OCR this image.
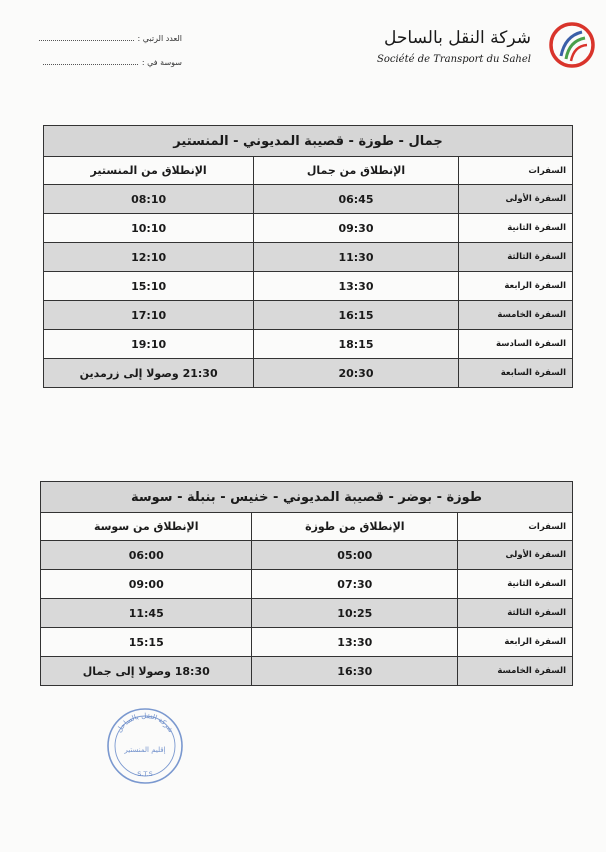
شركة النقل بالساحل
Société de Transport du Sahel
العدد الرتبي :
سوسة في :
جمال - طوزة - قصيبة المديوني - المنستير		
السفرات	الإنطلاق من جمال	الإنطلاق من المنستير
السفرة الأولى	06:45	08:10
السفرة الثانية	09:30	10:10
السفرة الثالثة	11:30	12:10
السفرة الرابعة	13:30	15:10
السفرة الخامسة	16:15	17:10
السفرة السادسة	18:15	19:10
السفرة السابعة	20:30	21:30 وصولا إلى زرمدين
طوزة - بوضر - قصيبة المديوني - خنيس - بنبلة - سوسة		
السفرات	الإنطلاق من طوزة	الإنطلاق من سوسة
السفرة الأولى	05:00	06:00
السفرة الثانية	07:30	09:00
السفرة الثالثة	10:25	11:45
السفرة الرابعة	13:30	15:15
السفرة الخامسة	16:30	18:30 وصولا إلى جمال
شركة النقل بالساحل
إقليم المنستير
S.T.S
